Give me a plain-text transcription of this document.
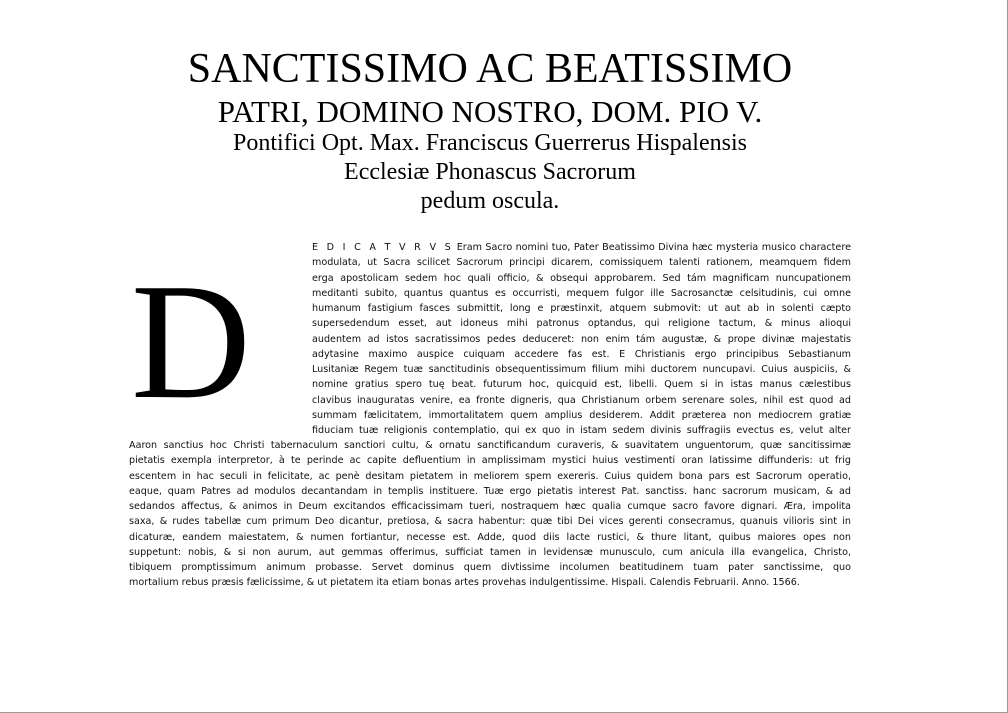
SANCTISSIMO AC BEATISSIMO
PATRI, DOMINO NOSTRO, DOM. PIO V.
Pontifici Opt. Max. Franciscus Guerrerus Hispalensis
Ecclesiæ Phonascus Sacrorum
pedum oscula.
D
E D I C A T V R V S Eram Sacro nomini tuo, Pater Beatissimo Divina hæc mysteria musico charactere
modulata, ut Sacra scilicet Sacrorum principi dicarem, comissiquem talenti rationem, meamquem fidem
erga apostolicam sedem hoc quali officio, & obsequi approbarem. Sed tám magnificam nuncupationem
meditanti subito, quantus quantus es occurristi, mequem fulgor ille Sacrosanctæ celsitudinis, cui omne
humanum fastigium fasces submittit, long e præstinxit, atquem submovit: ut aut ab in solenti cæpto
supersedendum esset, aut idoneus mihi patronus optandus, qui religione tactum, & minus alioqui
audentem ad istos sacratissimos pedes deduceret: non enim tám augustæ, & prope divinæ majestatis
adytasine maximo auspice cuiquam accedere fas est. E Christianis ergo principibus Sebastianum
Lusitaniæ Regem tuæ sanctitudinis obsequentissimum filium mihi ductorem nuncupavi. Cuius auspiciis, &
nomine gratius spero tuę beat. futurum hoc, quicquid est, libelli. Quem si in istas manus cælestibus
clavibus inauguratas venire, ea fronte digneris, qua Christianum orbem serenare soles, nihil est quod ad
summam fælicitatem, immortalitatem quem amplius desiderem. Addit præterea non mediocrem gratiæ
fiduciam tuæ religionis contemplatio, qui ex quo in istam sedem divinis suffragiis evectus es, velut alter
Aaron sanctius hoc Christi tabernaculum sanctiori cultu, & ornatu sanctificandum curaveris, & suavitatem unguentorum, quæ sancitissimæ
pietatis exempla interpretor, à te perinde ac capite defluentium in amplissimam mystici huius vestimenti oran latissime diffunderis: ut frig
escentem in hac seculi in felicitate, ac penè desitam pietatem in meliorem spem exereris. Cuius quidem bona pars est Sacrorum operatio,
eaque, quam Patres ad modulos decantandam in templis instituere. Tuæ ergo pietatis interest Pat. sanctiss. hanc sacrorum musicam, & ad
sedandos affectus, & animos in Deum excitandos efficacissimam tueri, nostraquem hæc qualia cumque sacro favore dignari. Æra, impolita
saxa, & rudes tabellæ cum primum Deo dicantur, pretiosa, & sacra habentur: quæ tibi Dei vices gerenti consecramus, quanuis vilioris sint in
dicaturæ, eandem maiestatem, & numen fortiantur, necesse est. Adde, quod diis lacte rustici, & thure litant, quibus maiores opes non
suppetunt: nobis, & si non aurum, aut gemmas offerimus, sufficiat tamen in levidensæ munusculo, cum anicula illa evangelica, Christo,
tibiquem promptissimum animum probasse. Servet dominus quem divtissime incolumen beatitudinem tuam pater sanctissime, quo
mortalium rebus præsis fælicissime, & ut pietatem ita etiam bonas artes provehas indulgentissime. Hispali. Calendis Februarii. Anno. 1566.
